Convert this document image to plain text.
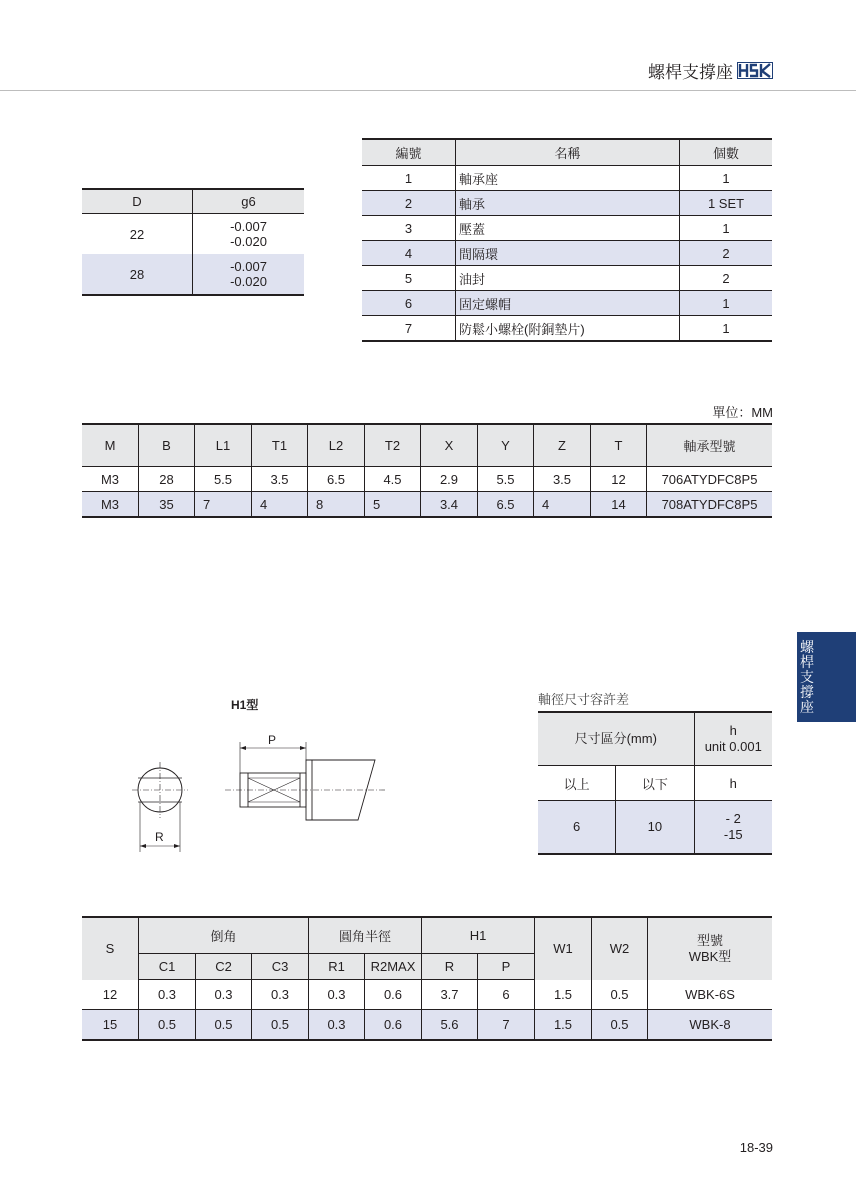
螺桿支撐座
D	g6
22	-0.007
-0.020

28	-0.007
-0.020
編號	名稱	個數
1	軸承座	1
2	軸承	1 SET
3	壓蓋	1
4	間隔環	2
5	油封	2
6	固定螺帽	1
7	防鬆小螺栓(附銅墊片)	1
單位：MM
M	B	L1	T1	L2	T2	X	Y	Z	T	軸承型號
M3	28	5.5	3.5	6.5	4.5	2.9	5.5	3.5	12	706ATYDFC8P5
M3	35	7	4	8	5	3.4	6.5	4	14	708ATYDFC8P5
螺桿支撐座
H1型
P
R
軸徑尺寸容許差
尺寸區分(mm)		h
unit 0.001

以上	以下	h
6	10	- 2
-15
S	倒角			圓角半徑		H1		W1	W2	型號
WBK型

	C1	C2	C3	R1	R2MAX	R	P			
12	0.3	0.3	0.3	0.3	0.6	3.7	6	1.5	0.5	WBK-6S
15	0.5	0.5	0.5	0.3	0.6	5.6	7	1.5	0.5	WBK-8
18-39
